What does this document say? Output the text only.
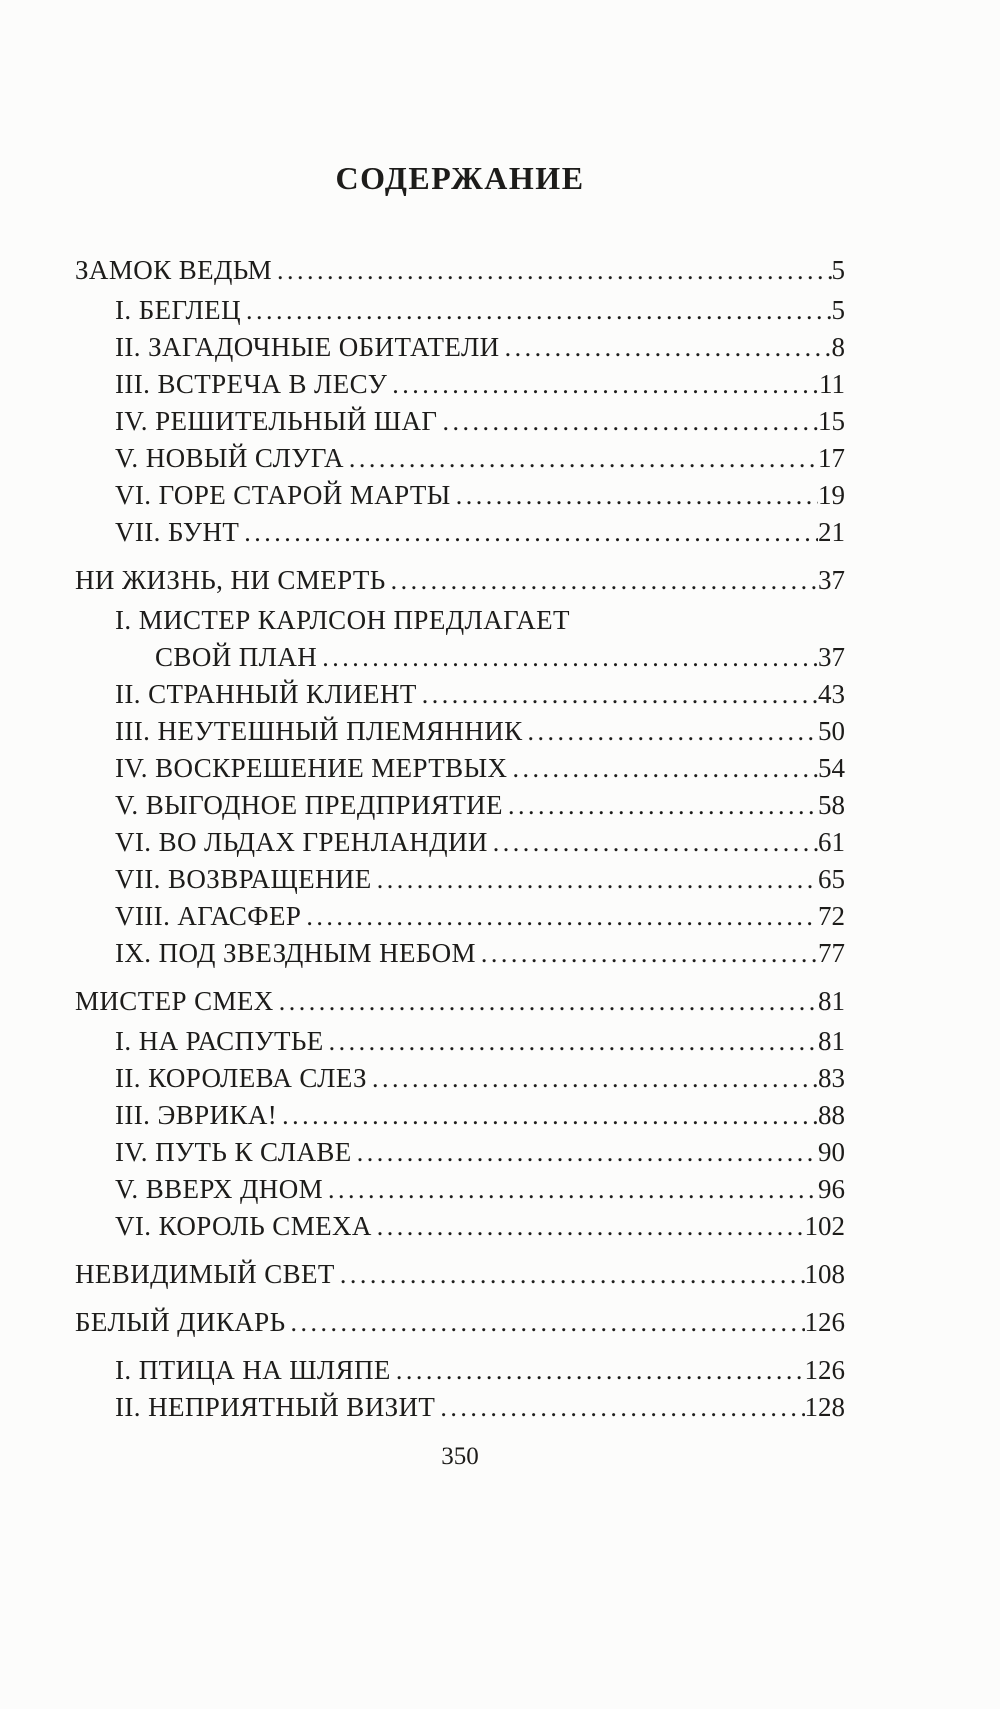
СОДЕРЖАНИЕ
ЗАМОК ВЕДЬМ .....	5
I. БЕГЛЕЦ .....	5
II. ЗАГАДОЧНЫЕ ОБИТАТЕЛИ .....	8
III. ВСТРЕЧА В ЛЕСУ .....	11
IV. РЕШИТЕЛЬНЫЙ ШАГ .....	15
V. НОВЫЙ СЛУГА .....	17
VI. ГОРЕ СТАРОЙ МАРТЫ .....	19
VII. БУНТ .....	21
НИ ЖИЗНЬ, НИ СМЕРТЬ .....	37
I. МИСТЕР КАРЛСОН ПРЕДЛАГАЕТ
СВОЙ ПЛАН .....	37
II. СТРАННЫЙ КЛИЕНТ .....	43
III. НЕУТЕШНЫЙ ПЛЕМЯННИК .....	50
IV. ВОСКРЕШЕНИЕ МЕРТВЫХ .....	54
V. ВЫГОДНОЕ ПРЕДПРИЯТИЕ .....	58
VI. ВО ЛЬДАХ ГРЕНЛАНДИИ .....	61
VII. ВОЗВРАЩЕНИЕ .....	65
VIII. АГАСФЕР .....	72
IX. ПОД ЗВЕЗДНЫМ НЕБОМ .....	77
МИСТЕР СМЕХ .....	81
I. НА РАСПУТЬЕ .....	81
II. КОРОЛЕВА СЛЕЗ .....	83
III. ЭВРИКА! .....	88
IV. ПУТЬ К СЛАВЕ .....	90
V. ВВЕРХ ДНОМ .....	96
VI. КОРОЛЬ СМЕХА .....	102
НЕВИДИМЫЙ СВЕТ .....	108
БЕЛЫЙ ДИКАРЬ .....	126
I. ПТИЦА НА ШЛЯПЕ .....	126
II. НЕПРИЯТНЫЙ ВИЗИТ .....	128
350
